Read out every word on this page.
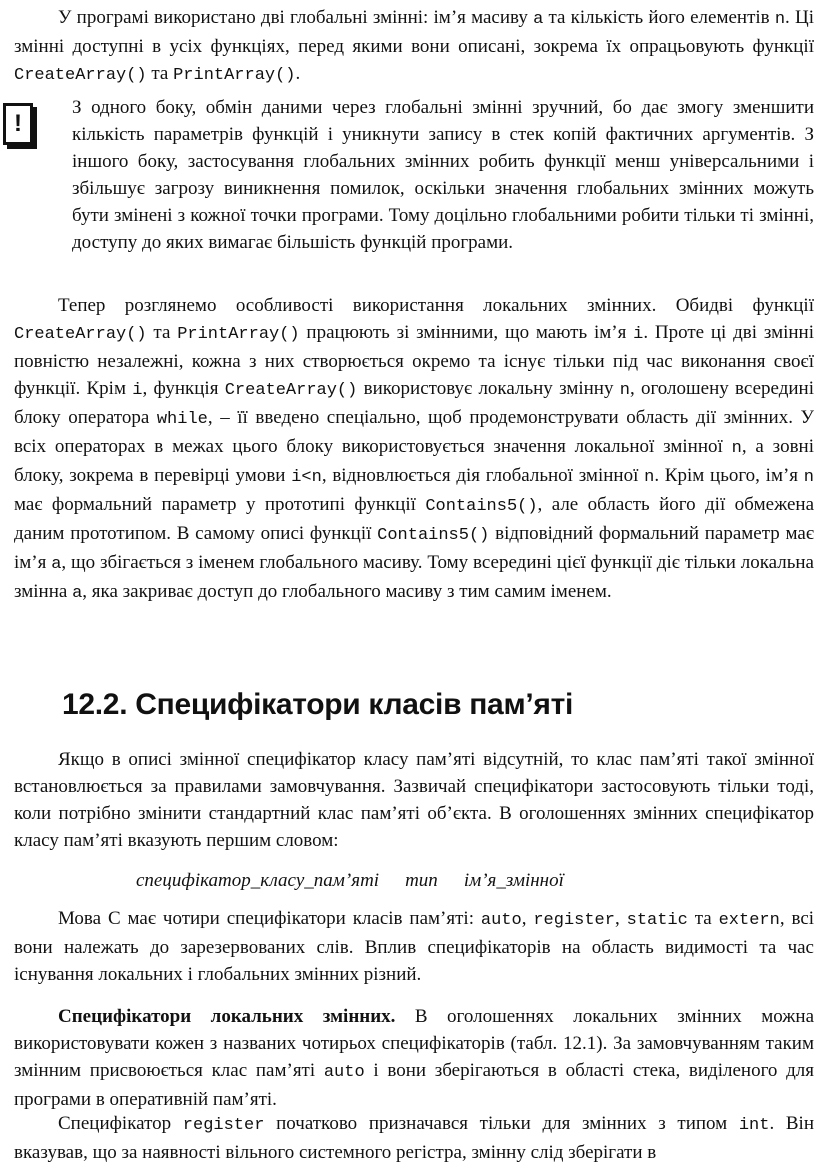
У програмі використано дві глобальні змінні: ім’я масиву a та кількість його елементів n. Ці змінні доступні в усіх функціях, перед якими вони описані, зокрема їх опрацьовують функції CreateArray() та PrintArray().

!

З одного боку, обмін даними через глобальні змінні зручний, бо дає змогу зменшити кількість параметрів функцій і уникнути запису в стек копій фактичних аргументів. З іншого боку, застосування глобальних змінних робить функції менш універсальними і збільшує загрозу виникнення помилок, оскільки значення глобальних змінних можуть бути змінені з кожної точки програми. Тому доцільно глобальними робити тільки ті змінні, доступу до яких вимагає більшість функцій програми.

Тепер розглянемо особливості використання локальних змінних. Обидві функції CreateArray() та PrintArray() працюють зі змінними, що мають ім’я i. Проте ці дві змінні повністю незалежні, кожна з них створюється окремо та існує тільки під час виконання своєї функції. Крім i, функція CreateArray() використовує локальну змінну n, оголошену всередині блоку оператора while, – її введено спеціально, щоб продемонструвати область дії змінних. У всіх операторах в межах цього блоку використовується значення локальної змінної n, а зовні блоку, зокрема в перевірці умови i<n, відновлюється дія глобальної змінної n. Крім цього, ім’я n має формальний параметр у прототипі функції Contains5(), але область його дії обмежена даним прототипом. В самому описі функції Contains5() відповідний формальний параметр має ім’я a, що збігається з іменем глобального масиву. Тому всередині цієї функції діє тільки локальна змінна a, яка закриває доступ до глобального масиву з тим самим іменем.

12.2. Специфікатори класів пам’яті

Якщо в описі змінної специфікатор класу пам’яті відсутній, то клас пам’яті такої змінної встановлюється за правилами замовчування. Зазвичай специфікатори застосовують тільки тоді, коли потрібно змінити стандартний клас пам’яті об’єкта. В оголошеннях змінних специфікатор класу пам’яті вказують першим словом:

специфікатор_класу_пам’яті тип ім’я_змінної

Мова С має чотири специфікатори класів пам’яті: auto, register, static та extern, всі вони належать до зарезервованих слів. Вплив специфікаторів на область видимості та час існування локальних і глобальних змінних різний.

Специфікатори локальних змінних. В оголошеннях локальних змінних можна використовувати кожен з названих чотирьох специфікаторів (табл. 12.1). За замовчуванням таким змінним присвоюється клас пам’яті auto і вони зберігаються в області стека, виділеного для програми в оперативній пам’яті.

Специфікатор register початково призначався тільки для змінних з типом int. Він вказував, що за наявності вільного системного регістра, змінну слід зберігати в
